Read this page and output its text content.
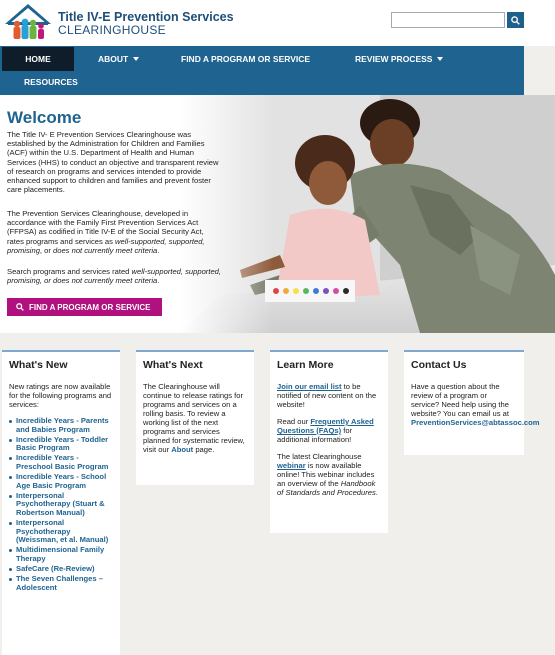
Title IV-E Prevention Services
CLEARINGHOUSE
HOME	ABOUT	FIND A PROGRAM OR SERVICE	REVIEW PROCESS
RESOURCES
Welcome

The Title IV- E Prevention Services Clearinghouse was established by the Administration for Children and Families (ACF) within the U.S. Department of Health and Human Services (HHS) to conduct an objective and transparent review of research on programs and services intended to provide enhanced support to children and families and prevent foster care placements.

The Prevention Services Clearinghouse, developed in accordance with the Family First Prevention Services Act (FFPSA) as codified in Title IV-E of the Social Security Act, rates programs and services as well-supported, supported, promising, or does not currently meet criteria.

Search programs and services rated well-supported, supported, promising, or does not currently meet criteria.

FIND A PROGRAM OR SERVICE
What's New

New ratings are now available for the following programs and services:

Incredible Years - Parents and Babies Program
Incredible Years - Toddler Basic Program
Incredible Years - Preschool Basic Program
Incredible Years - School Age Basic Program
Interpersonal Psychotherapy (Stuart & Robertson Manual)
Interpersonal Psychotherapy (Weissman, et al. Manual)
Multidimensional Family Therapy
SafeCare (Re-Review)
The Seven Challenges – Adolescent
What's Next

The Clearinghouse will continue to release ratings for programs and services on a rolling basis. To review a working list of the next programs and services planned for systematic review, visit our About page.

Learn More

Join our email list to be notified of new content on the website!

Read our Frequently Asked Questions (FAQs) for additional information!

The latest Clearinghouse webinar is now available online! This webinar includes an overview of the Handbook of Standards and Procedures.

Contact Us

Have a question about the review of a program or service? Need help using the website? You can email us at
PreventionServices@abtassoc.com
